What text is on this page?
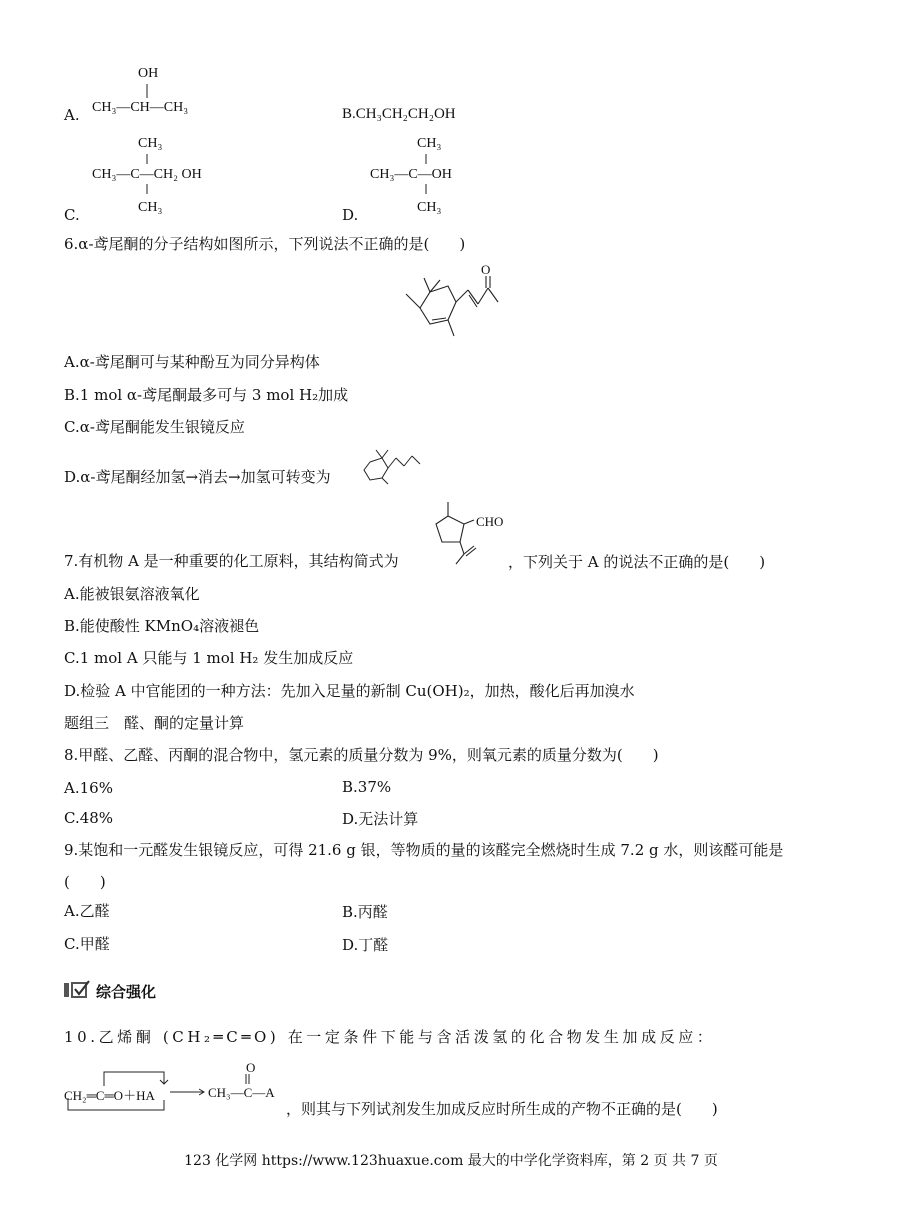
OH
A. CH₃—CH—CH₃	B.CH₃CH₂CH₂OH
CH₃
CH₃—C—CH₂ OH
CH₃
C.
CH₃
CH₃—C—OH
CH₃
D.
6.α-鸢尾酮的分子结构如图所示，下列说法不正确的是(　　)
O
A.α-鸢尾酮可与某种酚互为同分异构体
B.1 mol α-鸢尾酮最多可与 3 mol H₂加成
C.α-鸢尾酮能发生银镜反应
D.α-鸢尾酮经加氢→消去→加氢可转变为
7.有机物 A 是一种重要的化工原料，其结构简式为
CHO
，下列关于 A 的说法不正确的是(　　)
A.能被银氨溶液氧化
B.能使酸性 KMnO₄溶液褪色
C.1 mol A 只能与 1 mol H₂ 发生加成反应
D.检验 A 中官能团的一种方法：先加入足量的新制 Cu(OH)₂，加热，酸化后再加溴水
题组三　醛、酮的定量计算
8.甲醛、乙醛、丙酮的混合物中，氢元素的质量分数为 9%，则氧元素的质量分数为(　　)
A.16%	B.37%
C.48%	D.无法计算
9.某饱和一元醛发生银镜反应，可得 21.6 g 银，等物质的量的该醛完全燃烧时生成 7.2 g 水，则该醛可能是
(　　)
A.乙醛	B.丙醛
C.甲醛	D.丁醛
综合强化
10.乙烯酮 (CH₂═C═O) 在一定条件下能与含活泼氢的化合物发生加成反应：
O
CH₂═C═O＋HA	CH₃—C—A
，则其与下列试剂发生加成反应时所生成的产物不正确的是(　　)
123 化学网 https://www.123huaxue.com 最大的中学化学资料库，第 2 页 共 7 页
